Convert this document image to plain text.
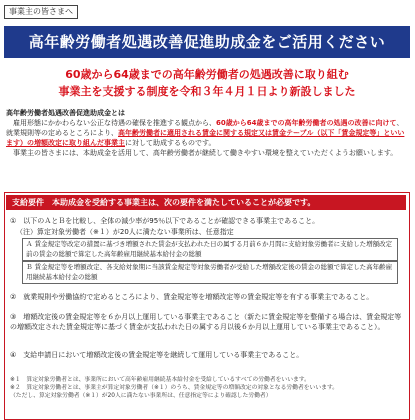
事業主の皆さまへ
高年齢労働者処遇改善促進助成金をご活用ください
60歳から64歳までの高年齢労働者の処遇改善に取り組む
事業主を支援する制度を令和３年４月１日より新設しました

高年齢労働者処遇改善促進助成金とは

雇用形態にかかわらない公正な待遇の確保を推進する観点から、60歳から64歳までの高年齢労働者の処遇の改善に向けて、就業規則等の定めるところにより、高年齢労働者に適用される賃金に関する規定又は賃金テーブル（以下「賃金規定等」といいます）の増額改定に取り組んだ事業主に対して助成するものです。

事業主の皆さまには、本助成金を活用して、高年齢労働者が継続して働きやすい環境を整えていただくようお願いします。

支給要件　本助成金を受給する事業主は、次の要件を満たしていることが必要です。
①　以下のＡとＢを比較し、全体の減少率が95％以下であることが確認できる事業主であること。
（注）算定対象労働者（※１）が20人に満たない事業所は、任意指定
Ａ 賃金規定等改定の措置に基づき増額された賃金が支払われた日の属する月前６か月間に支給対象労働者に支給した増額改定前の賃金の総額で算定した高年齢雇用継続基本給付金の総額
Ｂ 賃金規定等を増額改定、各支給対象期に当該賃金規定等対象労働者が受給した増額改定後の賃金の総額で算定した高年齢雇用継続基本給付金の総額
②　就業規則や労働協約で定めるところにより、賃金規定等を増額改定等の賃金規定等を有する事業主であること。
③　増額改定後の賃金規定等を６か月以上運用している事業主であること（新たに賃金規定等を整備する場合は、賃金規定等の増額改定された賃金規定等に基づく賃金が支払われた日の属する月以後６か月以上運用している事業主であること）。
④　支給申請日において増額改定後の賃金規定等を継続して運用している事業主であること。
※１　算定対象労働者とは、事業所において高年齢雇用継続基本給付金を受給しているすべての労働者をいいます。
※２　算定対象労働者とは、事業主が算定対象労働者（※１）のうち、賃金規定等の増額改定の対象となる労働者をいいます。
（ただし、算定対象労働者（※１）が20人に満たない事業所は、任意指定等により確認した労働者）
